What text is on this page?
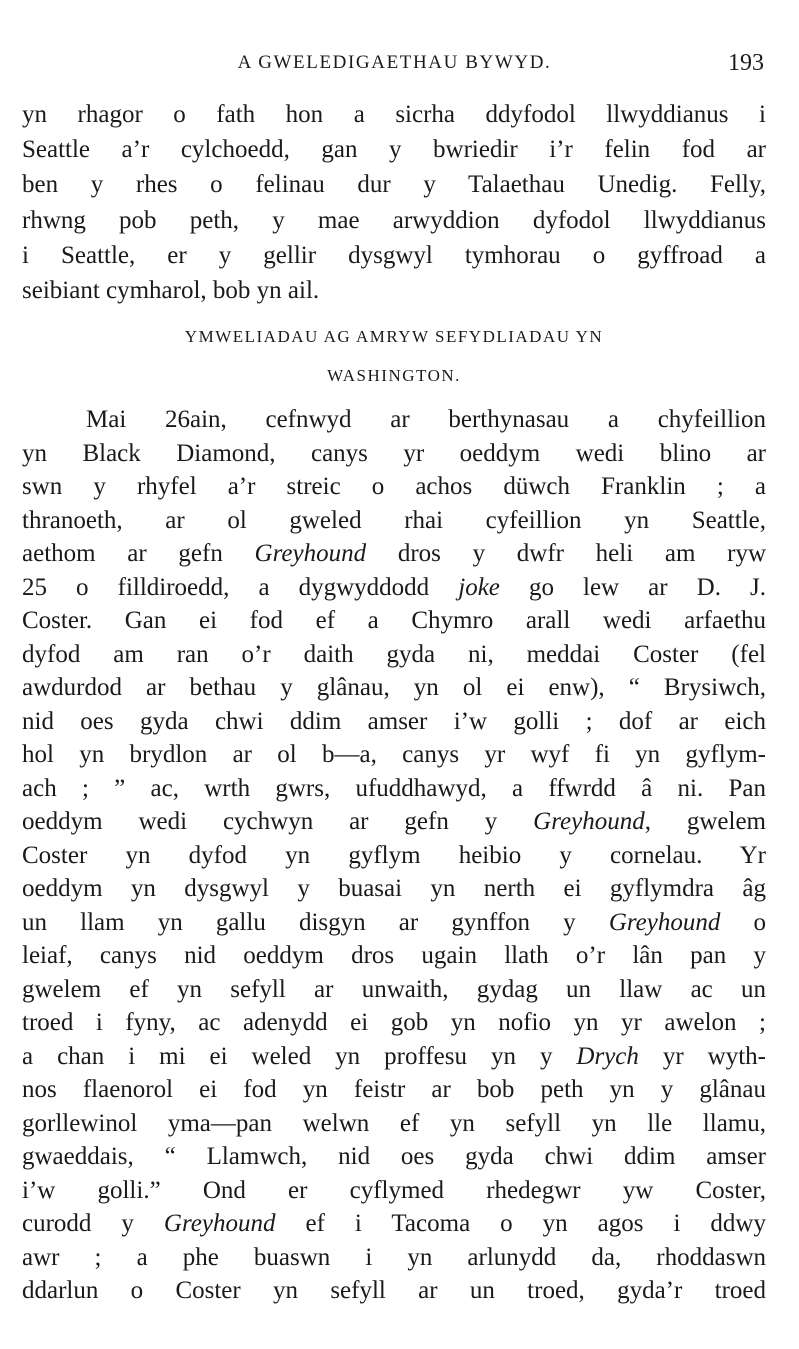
A GWELEDIGAETHAU BYWYD.	193
yn rhagor o fath hon a sicrha ddyfodol llwyddianus i
Seattle a’r cylchoedd, gan y bwriedir i’r felin fod ar
ben y rhes o felinau dur y Talaethau Unedig. Felly,
rhwng pob peth, y mae arwyddion dyfodol llwyddianus
i Seattle, er y gellir dysgwyl tymhorau o gyffroad a
seibiant cymharol, bob yn ail.
YMWELIADAU AG AMRYW SEFYDLIADAU YN
WASHINGTON.
Mai 26ain, cefnwyd ar berthynasau a chyfeillion
yn Black Diamond, canys yr oeddym wedi blino ar
swn y rhyfel a’r streic o achos düwch Franklin ; a
thranoeth, ar ol gweled rhai cyfeillion yn Seattle,
aethom ar gefn Greyhound dros y dwfr heli am ryw
25 o filldiroedd, a dygwyddodd joke go lew ar D. J.
Coster. Gan ei fod ef a Chymro arall wedi arfaethu
dyfod am ran o’r daith gyda ni, meddai Coster (fel
awdurdod ar bethau y glânau, yn ol ei enw), “ Brysiwch,
nid oes gyda chwi ddim amser i’w golli ; dof ar eich
hol yn brydlon ar ol b—a, canys yr wyf fi yn gyflym-
ach ; ” ac, wrth gwrs, ufuddhawyd, a ffwrdd â ni. Pan
oeddym wedi cychwyn ar gefn y Greyhound, gwelem
Coster yn dyfod yn gyflym heibio y cornelau. Yr
oeddym yn dysgwyl y buasai yn nerth ei gyflymdra âg
un llam yn gallu disgyn ar gynffon y Greyhound o
leiaf, canys nid oeddym dros ugain llath o’r lân pan y
gwelem ef yn sefyll ar unwaith, gydag un llaw ac un
troed i fyny, ac adenydd ei gob yn nofio yn yr awelon ;
a chan i mi ei weled yn proffesu yn y Drych yr wyth-
nos flaenorol ei fod yn feistr ar bob peth yn y glânau
gorllewinol yma—pan welwn ef yn sefyll yn lle llamu,
gwaeddais, “ Llamwch, nid oes gyda chwi ddim amser
i’w golli.” Ond er cyflymed rhedegwr yw Coster,
curodd y Greyhound ef i Tacoma o yn agos i ddwy
awr ; a phe buaswn i yn arlunydd da, rhoddaswn
ddarlun o Coster yn sefyll ar un troed, gyda’r troed
